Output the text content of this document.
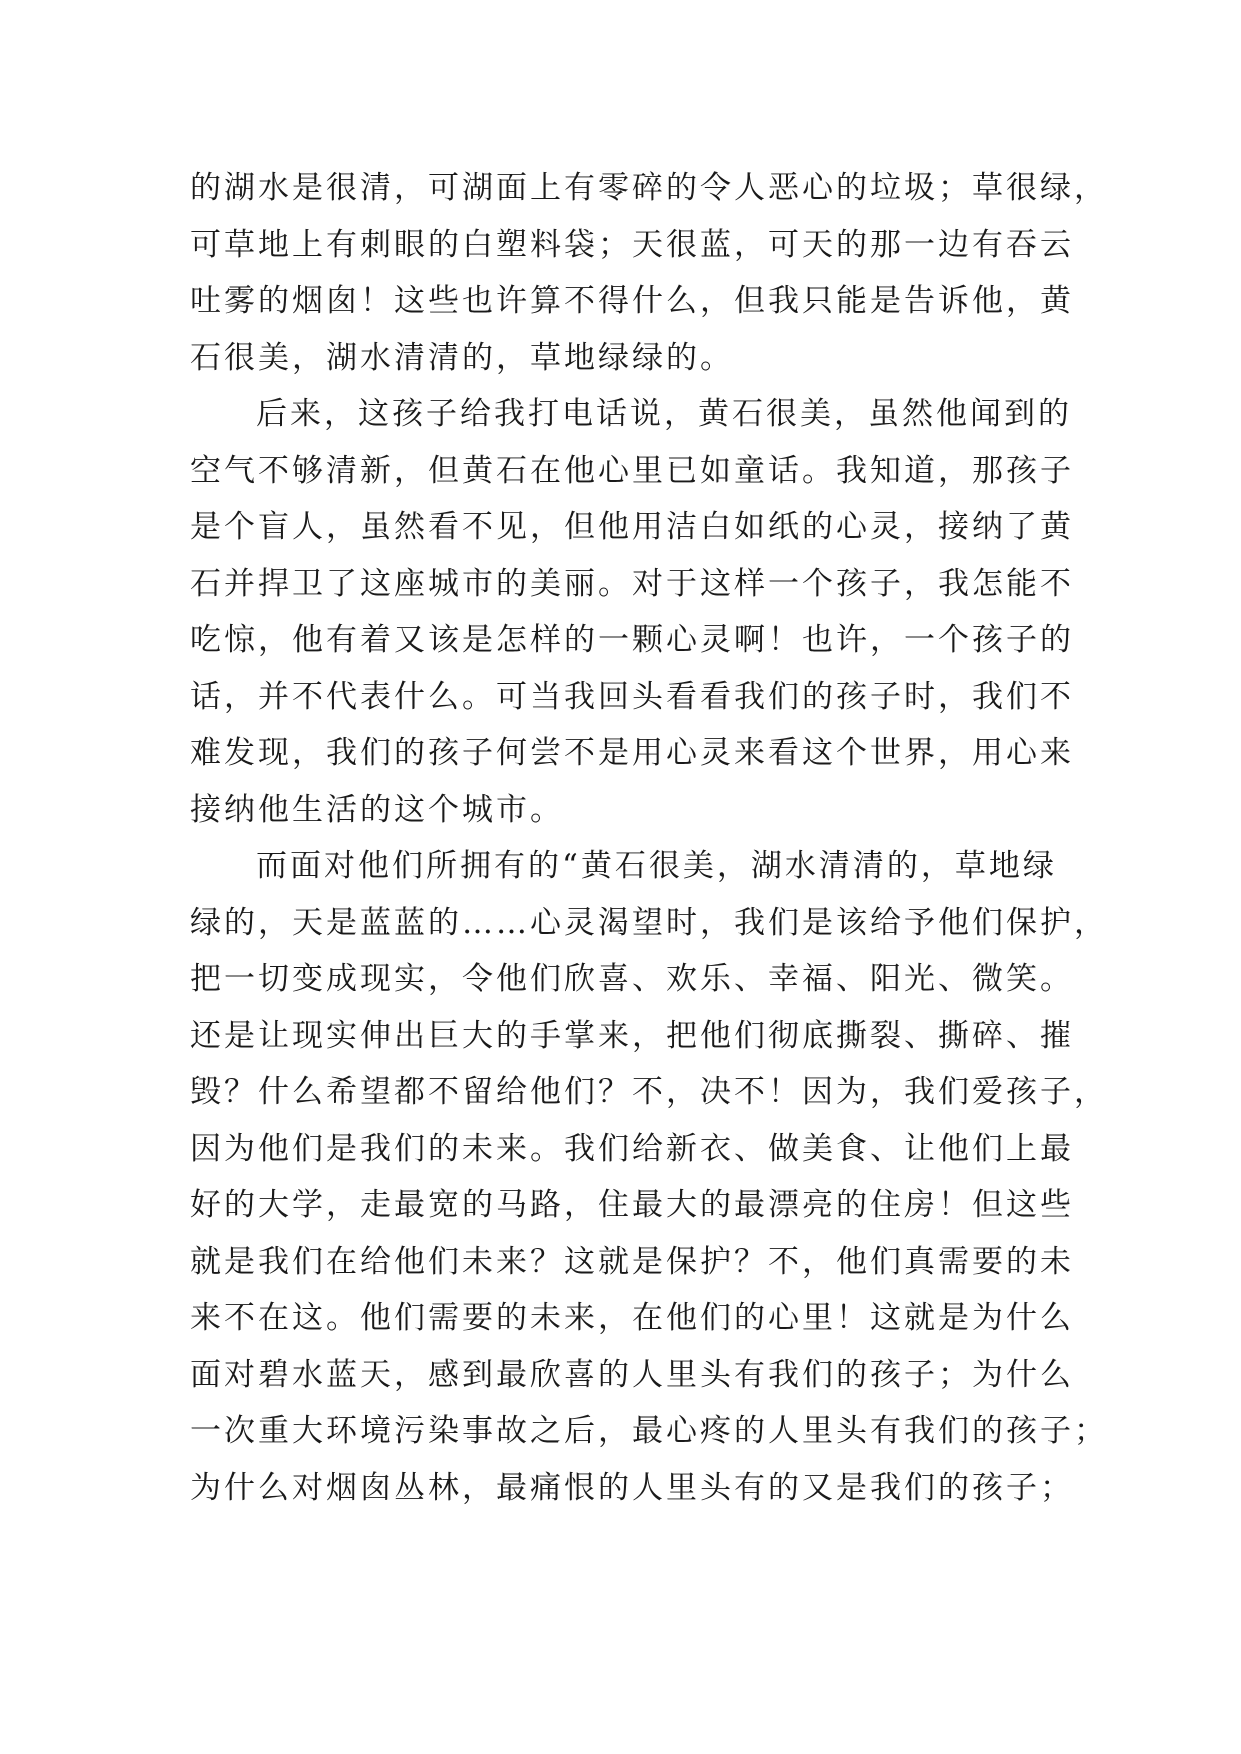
的湖水是很清，可湖面上有零碎的令人恶心的垃圾；草很绿，
可草地上有刺眼的白塑料袋；天很蓝，可天的那一边有吞云
吐雾的烟囱！这些也许算不得什么，但我只能是告诉他，黄
石很美，湖水清清的，草地绿绿的。
后来，这孩子给我打电话说，黄石很美，虽然他闻到的
空气不够清新，但黄石在他心里已如童话。我知道，那孩子
是个盲人，虽然看不见，但他用洁白如纸的心灵，接纳了黄
石并捍卫了这座城市的美丽。对于这样一个孩子，我怎能不
吃惊，他有着又该是怎样的一颗心灵啊！也许，一个孩子的
话，并不代表什么。可当我回头看看我们的孩子时，我们不
难发现，我们的孩子何尝不是用心灵来看这个世界，用心来
接纳他生活的这个城市。
而面对他们所拥有的“黄石很美，湖水清清的，草地绿
绿的，天是蓝蓝的……心灵渴望时，我们是该给予他们保护，
把一切变成现实，令他们欣喜、欢乐、幸福、阳光、微笑。
还是让现实伸出巨大的手掌来，把他们彻底撕裂、撕碎、摧
毁？什么希望都不留给他们？不，决不！因为，我们爱孩子，
因为他们是我们的未来。我们给新衣、做美食、让他们上最
好的大学，走最宽的马路，住最大的最漂亮的住房！但这些
就是我们在给他们未来？这就是保护？不，他们真需要的未
来不在这。他们需要的未来，在他们的心里！这就是为什么
面对碧水蓝天，感到最欣喜的人里头有我们的孩子；为什么
一次重大环境污染事故之后，最心疼的人里头有我们的孩子；
为什么对烟囱丛林，最痛恨的人里头有的又是我们的孩子；
